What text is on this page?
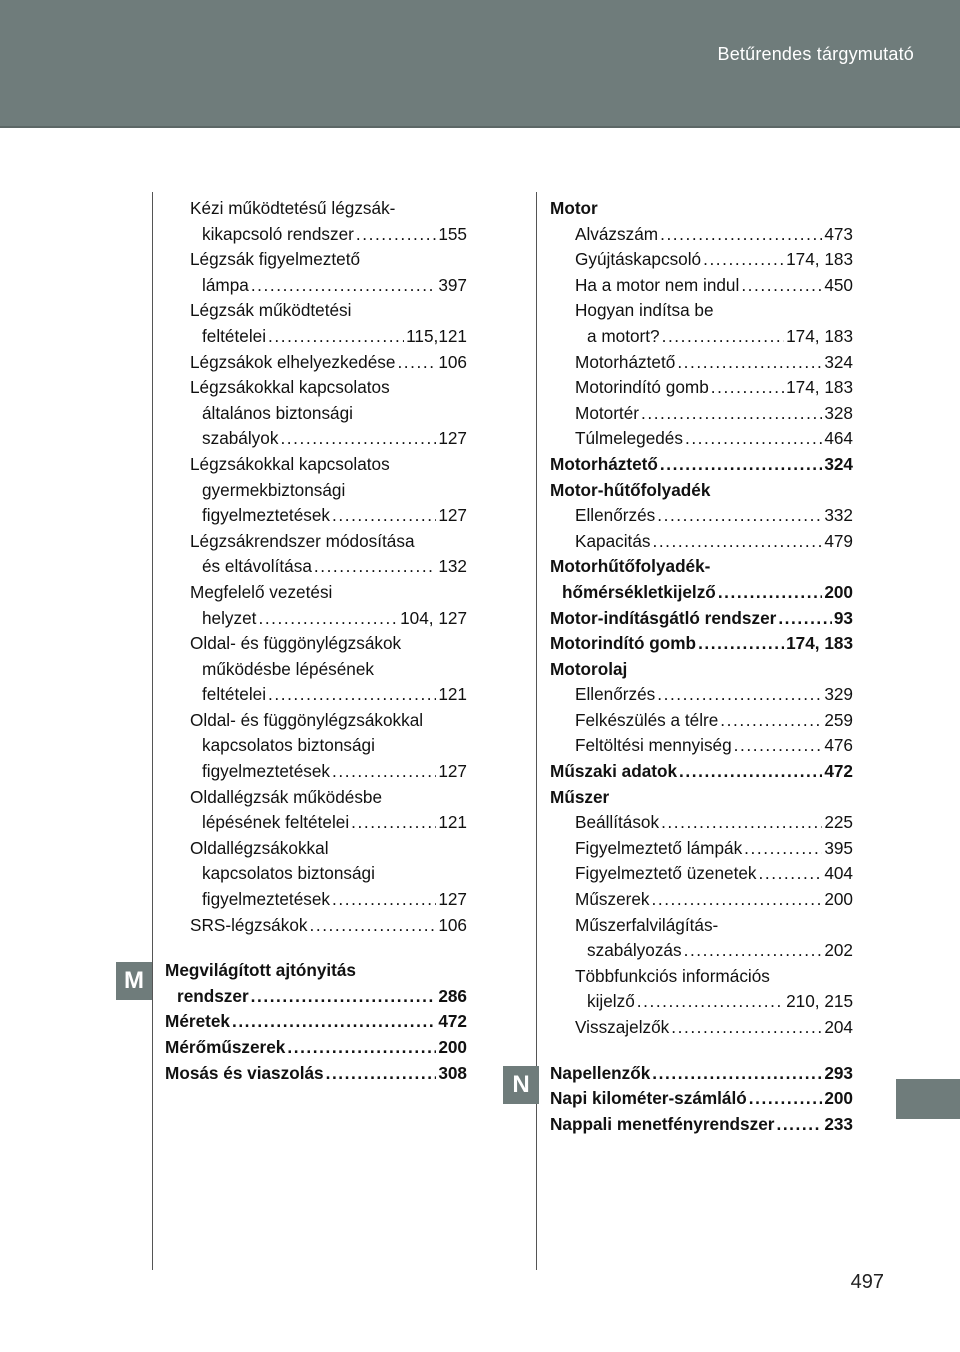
Betűrendes tárgymutató
M
N
Kézi működtetésű légzsák-
kikapcsoló rendszer . . .	155
Légzsák figyelmeztető
lámpa . . .	397
Légzsák működtetési
feltételei . . .	115,121
Légzsákok elhelyezkedése . . . 106
Légzsákokkal kapcsolatos
általános biztonsági
szabályok . . .	127
Légzsákokkal kapcsolatos
gyermekbiztonsági
figyelmeztetések . . .	127
Légzsákrendszer módosítása
és eltávolítása . . .	132
Megfelelő vezetési
helyzet . . .	104, 127
Oldal- és függönylégzsákok
működésbe lépésének
feltételei . . .	121
Oldal- és függönylégzsákokkal
kapcsolatos biztonsági
figyelmeztetések . . .	127
Oldallégzsák működésbe
lépésének feltételei . . .	121
Oldallégzsákokkal
kapcsolatos biztonsági
figyelmeztetések . . .	127
SRS-légzsákok . . .	106
Megvilágított ajtónyitás
rendszer . . .	286
Méretek . . .	472
Mérőműszerek . . .	200
Mosás és viaszolás . . .	308
Motor
Alvázszám . . .	473
Gyújtáskapcsoló . . .	174, 183
Ha a motor nem indul . . .	450
Hogyan indítsa be
a motort? . . .	174, 183
Motorháztető . . .	324
Motorindító gomb . . .	174, 183
Motortér . . .	328
Túlmelegedés . . .	464
Motorháztető . . .	324
Motor-hűtőfolyadék
Ellenőrzés . . .	332
Kapacitás . . .	479
Motorhűtőfolyadék-
hőmérsékletkijelző . . .	200
Motor-indításgátló rendszer . . .	93
Motorindító gomb . . .	174, 183
Motorolaj
Ellenőrzés . . .	329
Felkészülés a télre . . .	259
Feltöltési mennyiség . . .	476
Műszaki adatok . . .	472
Műszer
Beállítások . . .	225
Figyelmeztető lámpák . . .	395
Figyelmeztető üzenetek . . .	404
Műszerek . . .	200
Műszerfalvilágítás-
szabályozás . . .	202
Többfunkciós információs
kijelző . . .	210, 215
Visszajelzők . . .	204
Napellenzők . . .	293
Napi kilométer-számláló . . .	200
Nappali menetfényrendszer . . .	233
497
